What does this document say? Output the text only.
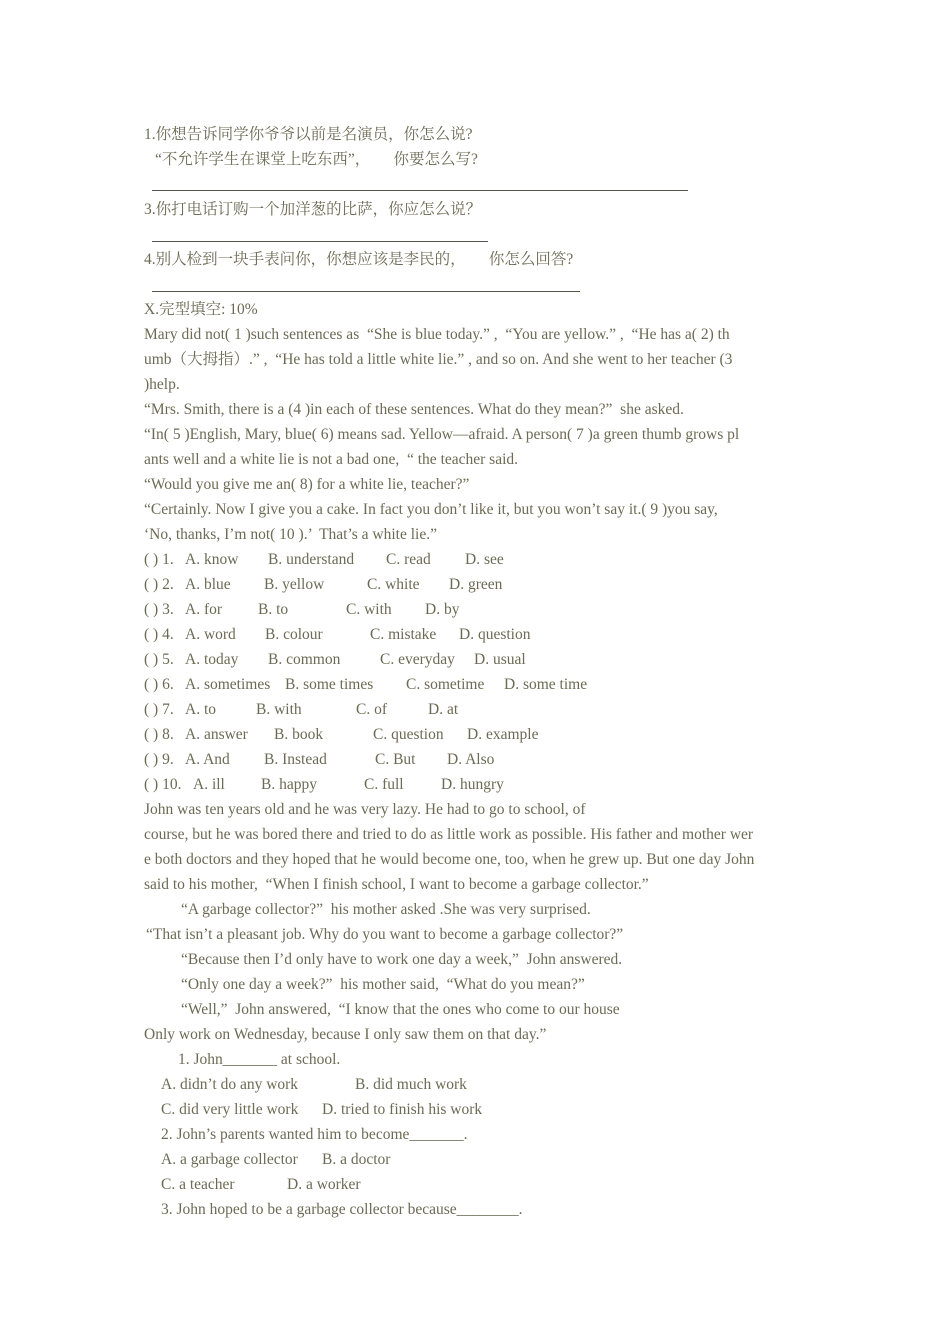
1.你想告诉同学你爷爷以前是名演员，你怎么说?
“不允许学生在课堂上吃东西”，      你要怎么写?
3.你打电话订购一个加洋葱的比萨，你应怎么说？
4.别人检到一块手表问你，你想应该是李民的，      你怎么回答?
X.完型填空: 10%
Mary did not( 1 )such sentences as  “She is blue today.” ,  “You are yellow.” ,  “He has a( 2) th
umb（大拇指）.” ,  “He has told a little white lie.” , and so on. And she went to her teacher (3
)help.
“Mrs. Smith, there is a (4 )in each of these sentences. What do they mean?”  she asked.
“In( 5 )English, Mary, blue( 6) means sad. Yellow—afraid. A person( 7 )a green thumb grows pl
ants well and a white lie is not a bad one,  “ the teacher said.
“Would you give me an( 8) for a white lie, teacher?”
“Certainly. Now I give you a cake. In fact you don’t like it, but you won’t say it.( 9 )you say,
‘No, thanks, I’m not( 10 ).’  That’s a white lie.”
( ) 1. A. know B. understand C. read D. see
( ) 2. A. blue B. yellow	C. white D. green
( ) 3. A. for B. to	C. with D. by
( ) 4. A. word B. colour	C. mistake D. question
( ) 5. A. today B. common	C. everyday D. usual
( ) 6. A. sometimes B. some times C. sometime D. some time
( ) 7. A. to	B. with	C. of	D. at
( ) 8. A. answer B. book	C. question D. example
( ) 9. A. And B. Instead	C. But D. Also
( ) 10. A. ill B. happy	C. full D. hungry
John was ten years old and he was very lazy. He had to go to school, of
course, but he was bored there and tried to do as little work as possible. His father and mother wer
e both doctors and they hoped that he would become one, too, when he grew up. But one day John
said to his mother,  “When I finish school, I want to become a garbage collector.”
“A garbage collector?”  his mother asked .She was very surprised.
“That isn’t a pleasant job. Why do you want to become a garbage collector?”
“Because then I’d only have to work one day a week,”  John answered.
“Only one day a week?”  his mother said,  “What do you mean?”
“Well,”  John answered,  “I know that the ones who come to our house
Only work on Wednesday, because I only saw them on that day.”
1. John_______ at school.
A. didn’t do any work	B. did much work
C. did very little work D. tried to finish his work
2. John’s parents wanted him to become_______.
A. a garbage collector B. a doctor
C. a teacher	D. a worker
3. John hoped to be a garbage collector because________.
